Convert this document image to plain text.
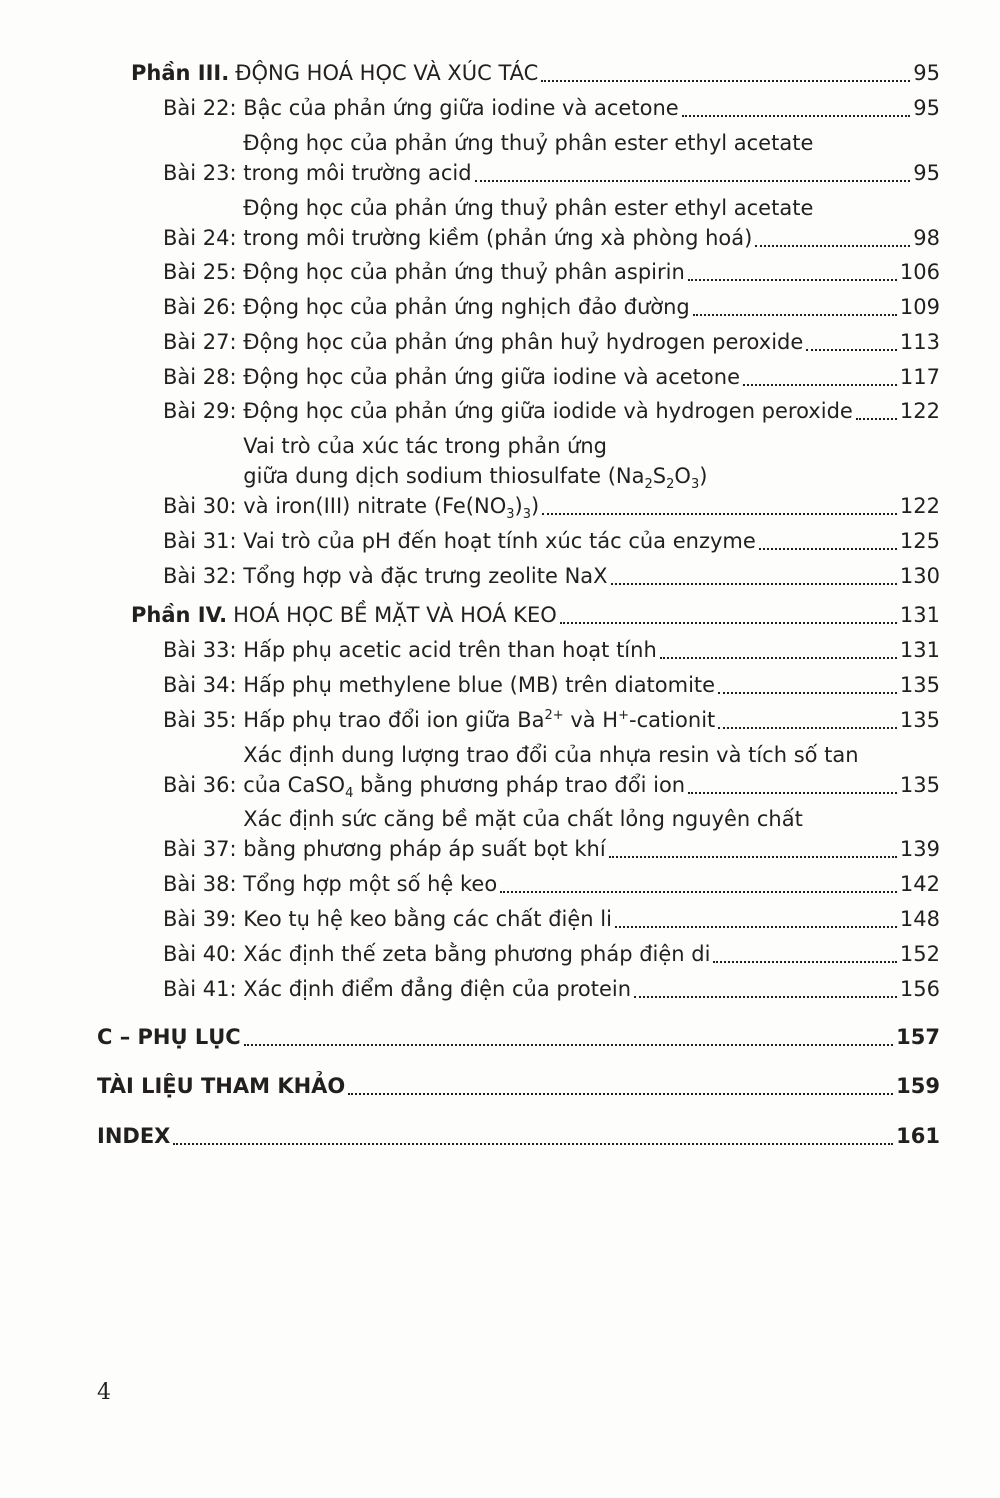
Phần III. ĐỘNG HOÁ HỌC VÀ XÚC TÁC	95
Bài 22: Bậc của phản ứng giữa iodine và acetone	95
Bài 23:
Động học của phản ứng thuỷ phân ester ethyl acetate
trong môi trường acid	95
Bài 24:
Động học của phản ứng thuỷ phân ester ethyl acetate
trong môi trường kiềm (phản ứng xà phòng hoá)	98
Bài 25: Động học của phản ứng thuỷ phân aspirin	106
Bài 26: Động học của phản ứng nghịch đảo đường	109
Bài 27: Động học của phản ứng phân huỷ hydrogen peroxide	113
Bài 28: Động học của phản ứng giữa iodine và acetone	117
Bài 29: Động học của phản ứng giữa iodide và hydrogen peroxide 122
Bài 30:
Vai trò của xúc tác trong phản ứng
giữa dung dịch sodium thiosulfate $(Na_2S_2O_3)$
và iron(III) nitrate $(Fe(NO_3)_3)$	122
Bài 31: Vai trò của pH đến hoạt tính xúc tác của enzyme	125
Bài 32: Tổng hợp và đặc trưng zeolite NaX	130
Phần IV. HOÁ HỌC BỀ MẶT VÀ HOÁ KEO	131
Bài 33: Hấp phụ acetic acid trên than hoạt tính	131
Bài 34: Hấp phụ methylene blue (MB) trên diatomite	135
Bài 35: Hấp phụ trao đổi ion giữa $Ba^{2+}$ và H+-cationit	135
Bài 36:
Xác định dung lượng trao đổi của nhựa resin và tích số tan
của CaSO$_4$ bằng phương pháp trao đổi ion	135
Bài 37:
Xác định sức căng bề mặt của chất lỏng nguyên chất
bằng phương pháp áp suất bọt khí	139
Bài 38: Tổng hợp một số hệ keo	142
Bài 39: Keo tụ hệ keo bằng các chất điện li	148
Bài 40: Xác định thế zeta bằng phương pháp điện di	152
Bài 41: Xác định điểm đẳng điện của protein	156
C – PHỤ LỤC	157
TÀI LIỆU THAM KHẢO	159
INDEX	161
4
